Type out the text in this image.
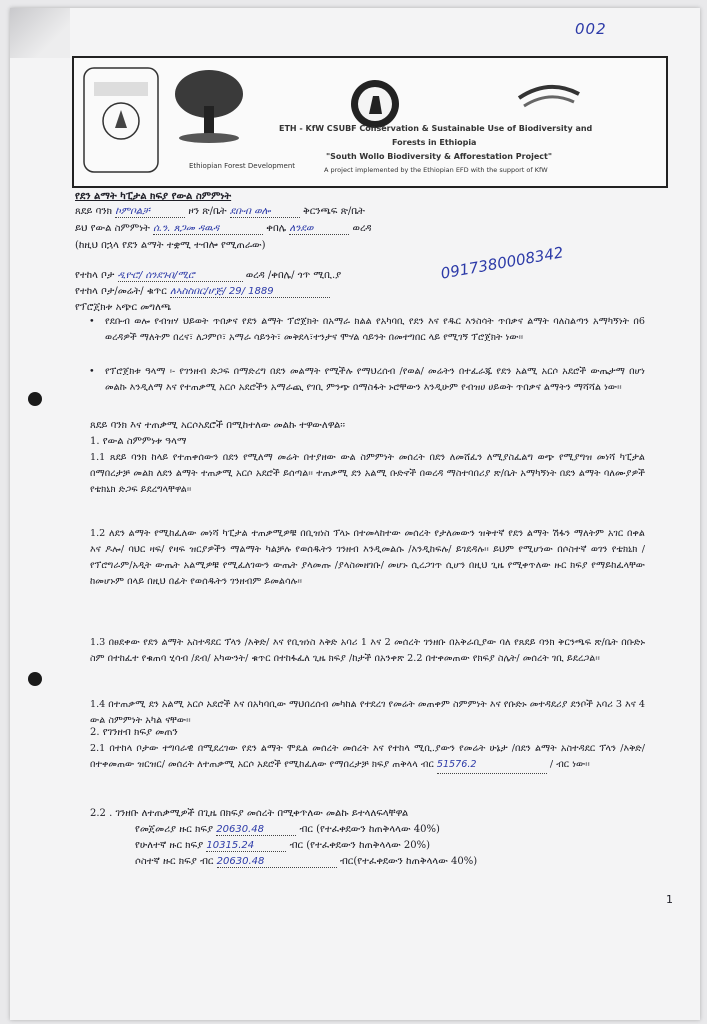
002
Ethiopian Forest Development
ETH - KfW CSUBF Conservation & Sustainable Use of Biodiversity and
Forests in Ethiopia
"South Wollo Biodiversity & Afforestation Project"
A project implemented by the Ethiopian EFD with the support of KfW
የደን ልማት ካፒታል ክፍያ የውል ስምምነት
ጸደይ ባንክ ኮምቦልቻ	ዞን ጽ/ቤት ደቡብ ወሎ	ቅርንጫፍ ጽ/ቤት
ይህ የውል ስምምነት ሰ.ን. ጸጋመ ዳዉዳ	ቀበሌ ለንደወ	ወረዳ
(ከዚህ በኋላ የደን ልማት ተቋሚ ተብሎ የሚጠራው)	0917380008342
የተከላ ቦታ ዲዮሮ/ ሰንደጉበ/ሚሮ	ወረዳ /ቀበሌ/ ጎጥ ሚቢ.ያ
የተከላ ቦታ/መሬት/ ቁጥር ለኣስስበር/ሆጅ/ 29/ 1889
የፕሮጀክቱ አጭር መግለጫ
• የደቡብ ወሎ የብዝሃ ህይወት ጥበቃና የደን ልማት ፕሮጀክት በአማራ ክልል የአካባቢ የደን እና የዱር እንስሳት ጥበቃና ልማት ባለስልጣን አማካኝነት በ6 ወረዳዎች ማለትም በረና፣ ለጋምቦ፣ አማራ ሳይንት፣ መቅደላ፣ተንታና ሞሃል ሳይንት በመተግበር ላይ የሚገኝ ፕሮጀክት ነው፡፡
• የፕሮጀክቱ ዓላማ ፡- የገንዘብ ድጋፍ በማድረግ በደን መልማት የሚችሉ የማህረሰብ /የወል/ መሬትን በተፈራጁ የደን አልሚ አርሶ አደሮች ውጤታማ በሆነ መልኩ እንዲለማ እና የተጠቃሚ አርሶ አደሮችን አማራጪ የገቢ ምንጭ በማስፋት ኑሮቸውን እንዲሁም የብዝሀ ሀይወት ጥበቃና ልማትን ማሻሻል ነው፡፡
ጸደይ ባንክ እና ተጠቃሚ አርሶአደሮች በሚከተለው መልኩ ተዋውለዋል፡፡
1. የውል ስምምነቱ ዓላማ
1.1 ጸደይ ባንክ ከላይ የተጠቀሰውን በደን የሚለማ መሬት በተያዘው ውል ስምምነት መሰረት በደን ለመሸፈን ለሚያስፈልግ ወጭ የሚያግዝ መነሻ ካፒታል በማበረታቻ መልክ ለደን ልማት ተጠቃሚ አርሶ አደሮች ይሰጣል፡፡ ተጠቃሚ ደን አልሚ ቡድኖች በወረዳ ማስተባበሪያ ጽ/ቤት አማካኝነት በደን ልማት ባለሙያዎች የቴክኒክ ድጋፍ ይደረግላቸዋል፡፡
1.2 ለደን ልማት የሚከፈለው መነሻ ካፒታል ተጠቃሚዎቹ በቢዝነስ ፕላኑ በተመላከተው መሰረት የታለመውን ዝቅተኛ የደን ልማት ሽፋን ማለትም አገር በቀል እና ዶሎ/ ባህር ዛፍ/ የዛፍ ዝርያዎችን ማልማት ካልቻሉ የወሰዱትን ገንዘብ እንዲመልሱ /እንዲከፍሉ/ ይገደዳሉ፡፡ ይህም የሚሆነው በሶስተኛ ወገን የቴክኒክ /የፕሮግራም/አዲት ውጤት አልሚዎቹ የሚፈለገውን ውጤት ያላመጡ /ያላስመዘገቡ/ መሆኑ ሲረጋገጥ ሲሆን በዚህ ጊዜ የሚቀጥለው ዙር ክፍያ የማይከፈላቸው ከመሆኑም በላይ በዚህ በፊት የወሰዱትን ገንዘብም ይመልሳሉ፡፡
1.3 በፀደቀው የደን ልማት አስተዳደር ፕላን /እቅድ/ እና የቢዝነስ እቅድ አባሪ 1 እና 2 መሰረት ገንዘቡ በአቅራቢያው ባለ የጸደይ ባንክ ቅርንጫፍ ጽ/ቤት በቡድኑ ስም በተከፈተ የቁጠባ ሂሳብ /ደብ/ አካውንት/ ቁጥር በተከፋፈለ ጊዜ ክፍያ /ከታች በአንቀጽ 2.2 በተቀመጠው የክፍያ ስሌት/ መሰረት ገቢ ይደረጋል፡፡
1.4 በተጠቃሚ ደን አልሚ አርሶ አደሮች እና በአካባቢው ማህበረሰብ መካከል የተደረገ የመሬት መጠቀም ስምምነት እና የቡድኑ መተዳደሪያ ደንቦች አባሪ 3 እና 4 ውል ስምምነት አካል ናቸው፡፡
2. የገንዘብ ክፍያ መጠን
2.1 በተከላ ቦታው ተግባራዊ በሚደረገው የደን ልማት ሞዴል መሰረት መሰረት እና የተከላ ሚቢ.ያውን የመሬት ሁኔታ /በደን ልማት አስተዳደር ፕላን /እቅድ/ በተቀመጠው ዝርዝር/ መሰረት ለተጠቃሚ አርሶ አደሮች የሚከፈለው የማበረታቻ ክፍያ ጠቅላላ ብር 51576.2	/ ብር ነው፡፡
2.2 . ገንዘቡ ለተጠቃሚዎች በጊዜ በክፍያ መሰረት በሚቀጥለው መልኩ ይተላለፍላቸዋል
የመጀመሪያ ዙር ክፍያ 20630.48	ብር (የተፈቀደውን ከጠቅላላው 40%)
የሁለተኛ ዙር ክፍያ 10315.24	ብር (የተፈቀደውን ከጠቅላላው 20%)
ሶስተኛ ዙር ክፍያ ብር 20630.48	ብር(የተፈቀደውን ከጠቅላላው 40%)
1
